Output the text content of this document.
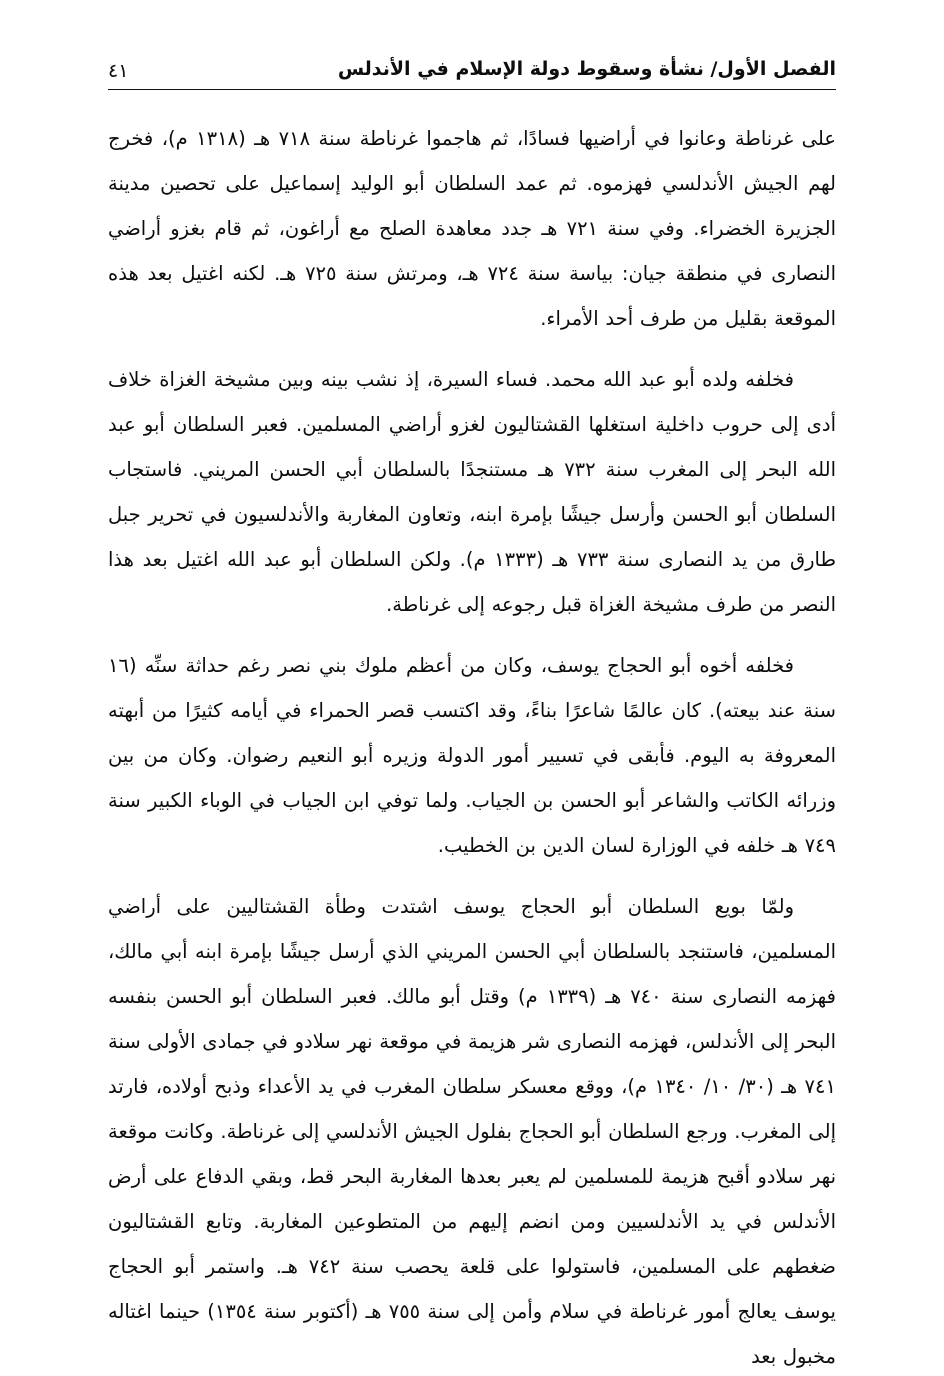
الفصل الأول/ نشأة وسقوط دولة الإسلام في الأندلس
٤١

على غرناطة وعانوا في أراضيها فسادًا، ثم هاجموا غرناطة سنة ٧١٨ هـ (١٣١٨ م)، فخرج لهم الجيش الأندلسي فهزموه. ثم عمد السلطان أبو الوليد إسماعيل على تحصين مدينة الجزيرة الخضراء. وفي سنة ٧٢١ هـ جدد معاهدة الصلح مع أراغون، ثم قام بغزو أراضي النصارى في منطقة جيان: بياسة سنة ٧٢٤ هـ، ومرتش سنة ٧٢٥ هـ. لكنه اغتيل بعد هذه الموقعة بقليل من طرف أحد الأمراء.

فخلفه ولده أبو عبد الله محمد. فساء السيرة، إذ نشب بينه وبين مشيخة الغزاة خلاف أدى إلى حروب داخلية استغلها القشتاليون لغزو أراضي المسلمين. فعبر السلطان أبو عبد الله البحر إلى المغرب سنة ٧٣٢ هـ مستنجدًا بالسلطان أبي الحسن المريني. فاستجاب السلطان أبو الحسن وأرسل جيشًا بإمرة ابنه، وتعاون المغاربة والأندلسيون في تحرير جبل طارق من يد النصارى سنة ٧٣٣ هـ (١٣٣٣ م). ولكن السلطان أبو عبد الله اغتيل بعد هذا النصر من طرف مشيخة الغزاة قبل رجوعه إلى غرناطة.

فخلفه أخوه أبو الحجاج يوسف، وكان من أعظم ملوك بني نصر رغم حداثة سنِّه (١٦ سنة عند بيعته). كان عالمًا شاعرًا بناءً، وقد اكتسب قصر الحمراء في أيامه كثيرًا من أبهته المعروفة به اليوم. فأبقى في تسيير أمور الدولة وزيره أبو النعيم رضوان. وكان من بين وزرائه الكاتب والشاعر أبو الحسن بن الجياب. ولما توفي ابن الجياب في الوباء الكبير سنة ٧٤٩ هـ خلفه في الوزارة لسان الدين بن الخطيب.

ولمّا بويع السلطان أبو الحجاج يوسف اشتدت وطأة القشتاليين على أراضي المسلمين، فاستنجد بالسلطان أبي الحسن المريني الذي أرسل جيشًا بإمرة ابنه أبي مالك، فهزمه النصارى سنة ٧٤٠ هـ (١٣٣٩ م) وقتل أبو مالك. فعبر السلطان أبو الحسن بنفسه البحر إلى الأندلس، فهزمه النصارى شر هزيمة في موقعة نهر سلادو في جمادى الأولى سنة ٧٤١ هـ (٣٠/ ١٠/ ١٣٤٠ م)، ووقع معسكر سلطان المغرب في يد الأعداء وذبح أولاده، فارتد إلى المغرب. ورجع السلطان أبو الحجاج بفلول الجيش الأندلسي إلى غرناطة. وكانت موقعة نهر سلادو أقبح هزيمة للمسلمين لم يعبر بعدها المغاربة البحر قط، وبقي الدفاع على أرض الأندلس في يد الأندلسيين ومن انضم إليهم من المتطوعين المغاربة. وتابع القشتاليون ضغطهم على المسلمين، فاستولوا على قلعة يحصب سنة ٧٤٢ هـ. واستمر أبو الحجاج يوسف يعالج أمور غرناطة في سلام وأمن إلى سنة ٧٥٥ هـ (أكتوبر سنة ١٣٥٤) حينما اغتاله مخبول بعد
